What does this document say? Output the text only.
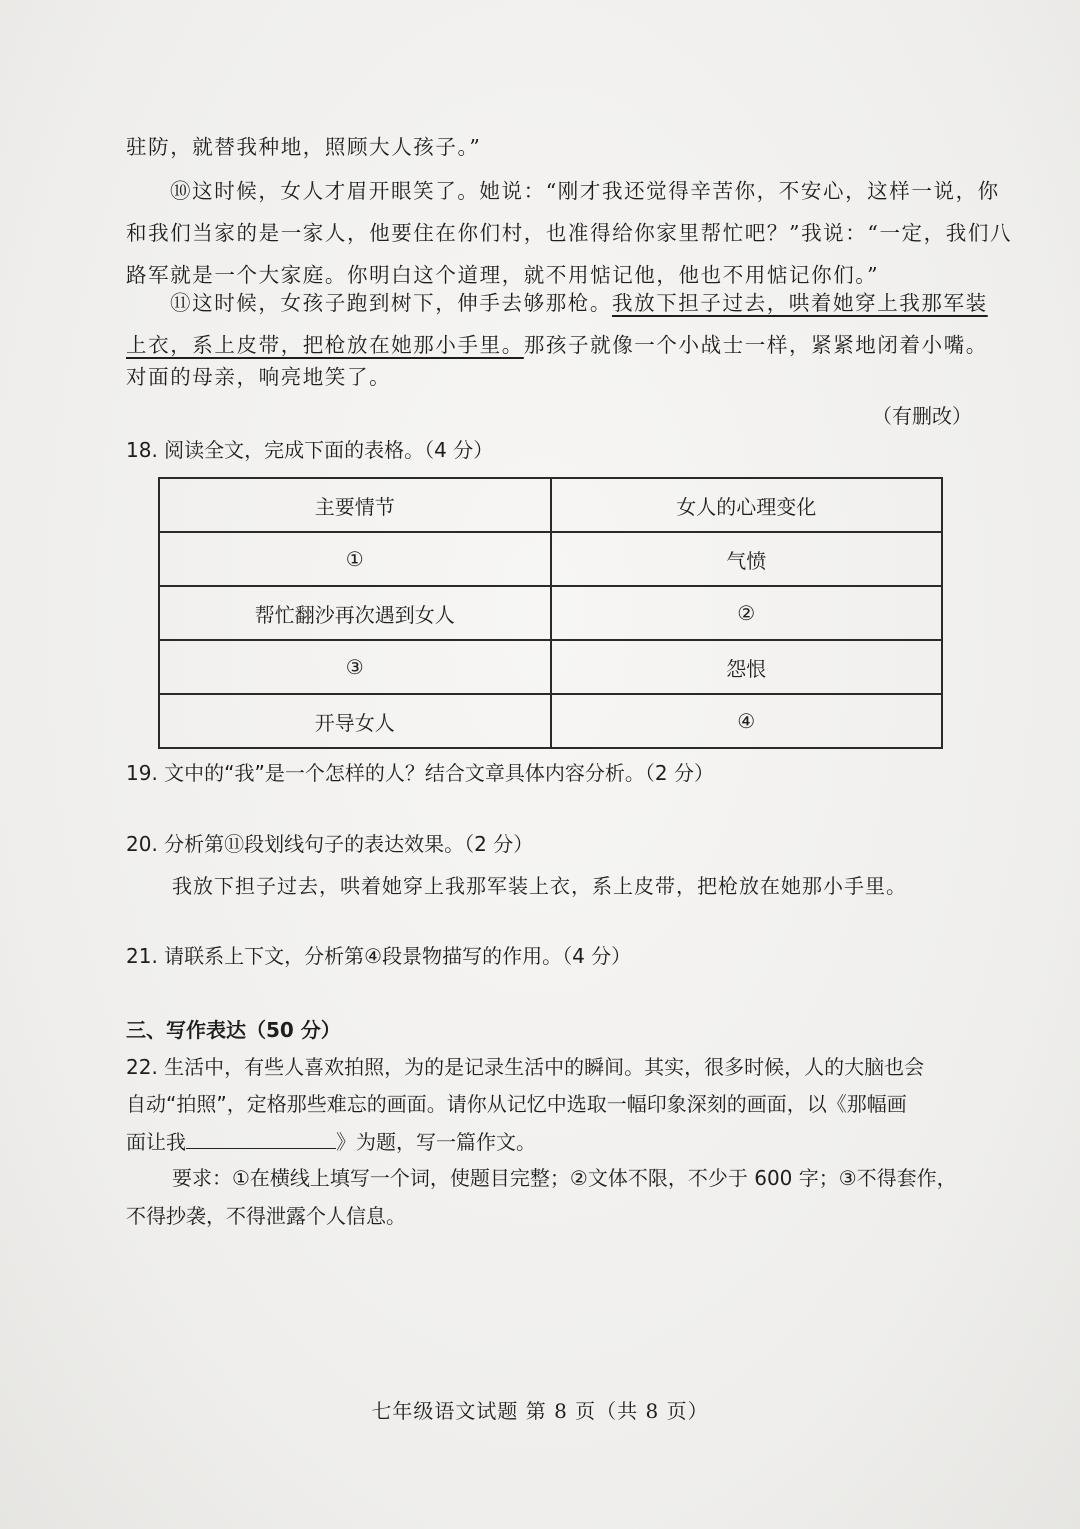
驻防，就替我种地，照顾大人孩子。”
⑩这时候，女人才眉开眼笑了。她说：“刚才我还觉得辛苦你，不安心，这样一说，你
和我们当家的是一家人，他要住在你们村，也准得给你家里帮忙吧？”我说：“一定，我们八
路军就是一个大家庭。你明白这个道理，就不用惦记他，他也不用惦记你们。”
⑪这时候，女孩子跑到树下，伸手去够那枪。我放下担子过去，哄着她穿上我那军装
上衣，系上皮带，把枪放在她那小手里。那孩子就像一个小战士一样，紧紧地闭着小嘴。
对面的母亲，响亮地笑了。
（有删改）
18. 阅读全文，完成下面的表格。（4 分）
主要情节	女人的心理变化
①	气愤
帮忙翻沙再次遇到女人	②
③	怨恨
开导女人	④
19. 文中的“我”是一个怎样的人？结合文章具体内容分析。（2 分）
20. 分析第⑪段划线句子的表达效果。（2 分）
我放下担子过去，哄着她穿上我那军装上衣，系上皮带，把枪放在她那小手里。
21. 请联系上下文，分析第④段景物描写的作用。（4 分）
三、写作表达（50 分）
22. 生活中，有些人喜欢拍照，为的是记录生活中的瞬间。其实，很多时候，人的大脑也会
自动“拍照”，定格那些难忘的画面。请你从记忆中选取一幅印象深刻的画面，以《那幅画
面让我	》为题，写一篇作文。
要求：①在横线上填写一个词，使题目完整；②文体不限，不少于 600 字；③不得套作，
不得抄袭，不得泄露个人信息。
七年级语文试题 第 8 页（共 8 页）
